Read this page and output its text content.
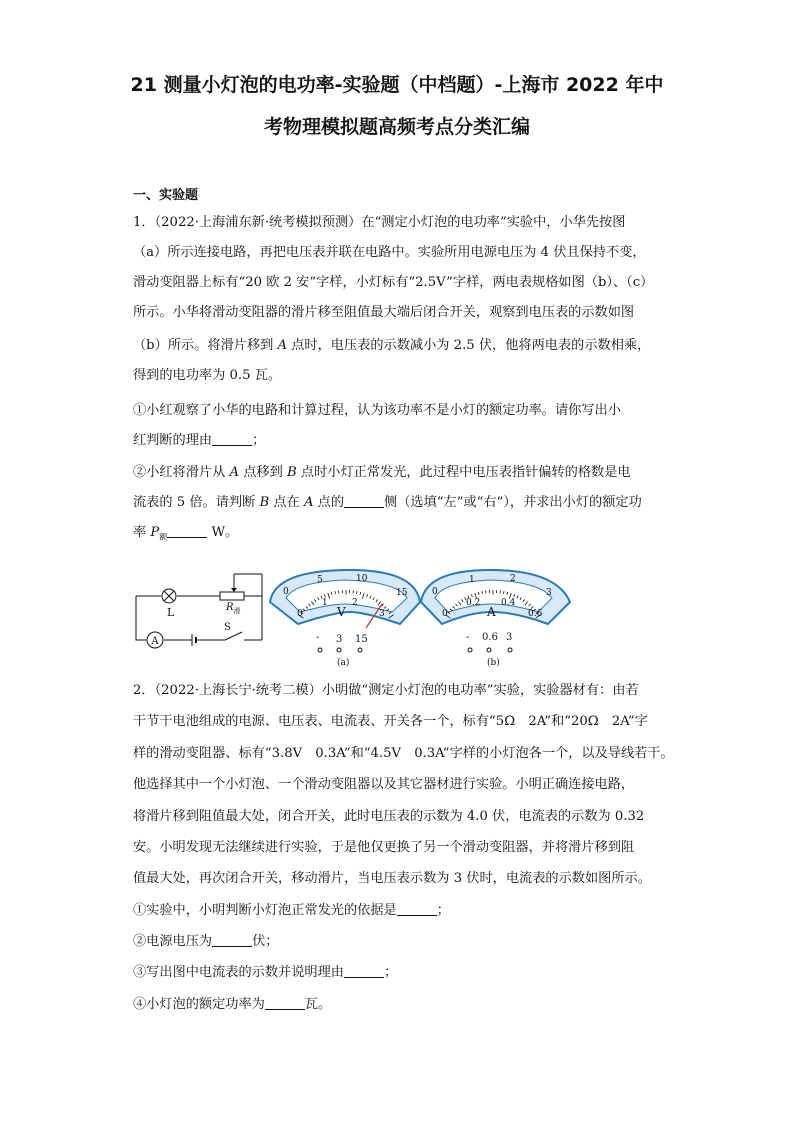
21 测量小灯泡的电功率-实验题（中档题）-上海市 2022 年中
考物理模拟题高频考点分类汇编
一、实验题
1．（2022·上海浦东新·统考模拟预测）在“测定小灯泡的电功率”实验中，小华先按图
（a）所示连接电路，再把电压表并联在电路中。实验所用电源电压为 4 伏且保持不变，
滑动变阻器上标有“20 欧 2 安”字样，小灯标有“2.5V”字样，两电表规格如图（b）、（c）
所示。小华将滑动变阻器的滑片移至阻值最大端后闭合开关，观察到电压表的示数如图
（b）所示。将滑片移到 A 点时，电压表的示数减小为 2.5 伏，他将两电表的示数相乘，
得到的电功率为 0.5 瓦。
①小红观察了小华的电路和计算过程，认为该功率不是小灯的额定功率。请你写出小
红判断的理由	；
②小红将滑片从 A 点移到 B 点时小灯正常发光，此过程中电压表指针偏转的格数是电
流表的 5 倍。请判断 B 点在 A 点的	侧（选填“左”或“右”），并求出小灯的额定功
率 $P_额$	W。
A
L	$R_滑$
S
0
5	10
15
0
1	2
3
V
- 3 15
(a)
0
1	2
3
0
0.2 0.4
0.6
A
- 0.6 3
(b)
2．（2022·上海长宁·统考二模）小明做“测定小灯泡的电功率”实验，实验器材有：由若
干节干电池组成的电源、电压表、电流表、开关各一个，标有“5Ω　2A”和“20Ω　2A”字
样的滑动变阻器、标有“3.8V　0.3A”和“4.5V　0.3A”字样的小灯泡各一个，以及导线若干。
他选择其中一个小灯泡、一个滑动变阻器以及其它器材进行实验。小明正确连接电路，
将滑片移到阻值最大处，闭合开关，此时电压表的示数为 4.0 伏，电流表的示数为 0.32
安。小明发现无法继续进行实验，于是他仅更换了另一个滑动变阻器，并将滑片移到阻
值最大处，再次闭合开关，移动滑片，当电压表示数为 3 伏时，电流表的示数如图所示。
①实验中，小明判断小灯泡正常发光的依据是	；
②电源电压为	伏；
③写出图中电流表的示数并说明理由	；
④小灯泡的额定功率为	瓦。
